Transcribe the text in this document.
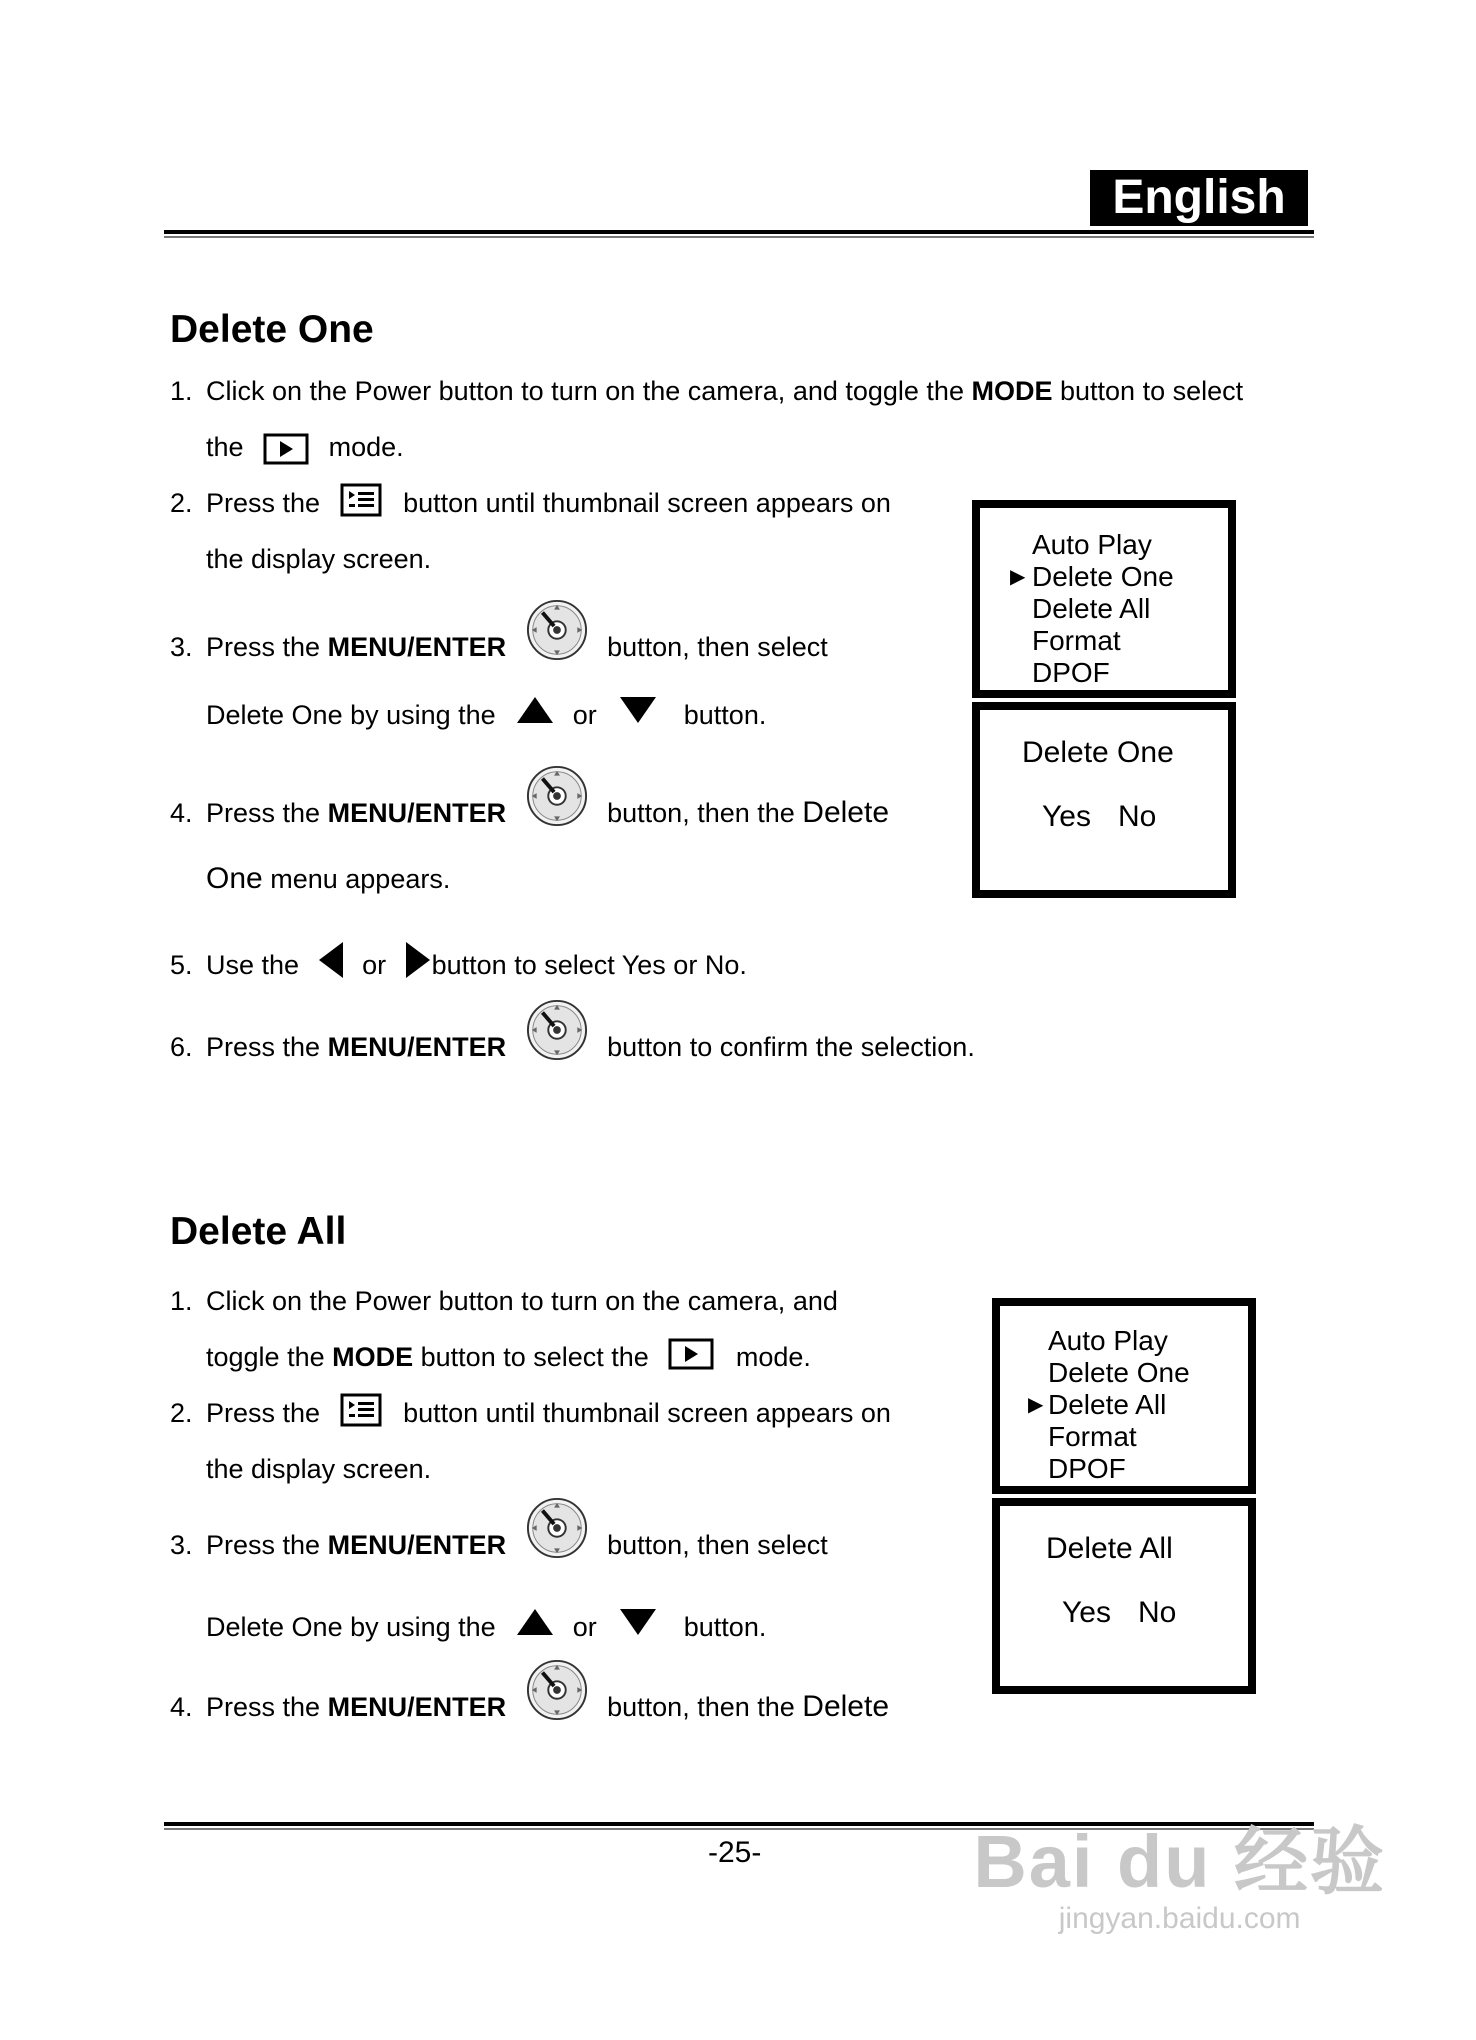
English
Delete One
1. Click on the Power button to turn on the camera, and toggle the MODE button to select
the	mode.
2. Press the	button until thumbnail screen appears on
the display screen.
3. Press the MENU/ENTER	button, then select
Delete One by using the	or	button.
4. Press the MENU/ENTER	button, then the Delete
One menu appears.
5. Use the or button to select Yes or No.
6. Press the MENU/ENTER	button to confirm the selection.
Auto Play
▶ Delete One
Delete All
Format
DPOF
Delete One
Yes No
Delete All
1. Click on the Power button to turn on the camera, and
toggle the MODE button to select the	mode.
2. Press the	button until thumbnail screen appears on
the display screen.
3. Press the MENU/ENTER	button, then select
Delete One by using the	or	button.
4. Press the MENU/ENTER	button, then the Delete
Auto Play
Delete One
▶ Delete All
Format
DPOF
Delete All
Yes No
-25-	Bai du 经验
jingyan.baidu.com
